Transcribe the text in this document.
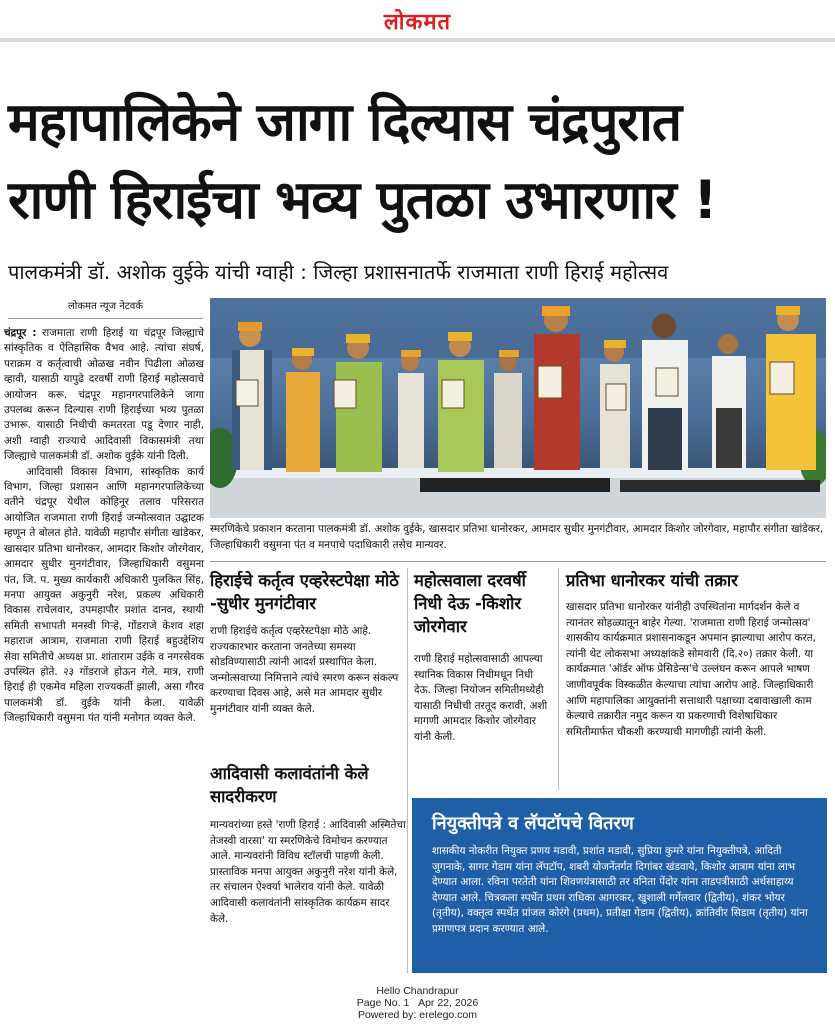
लोकमत
महापालिकेने जागा दिल्यास चंद्रपुरात
राणी हिराईचा भव्य पुतळा उभारणार !
पालकमंत्री डॉ. अशोक वुईके यांची ग्वाही : जिल्हा प्रशासनातर्फे राजमाता राणी हिराई महोत्सव
लोकमत न्यूज नेटवर्क

चंद्रपूर : राजमाता राणी हिराई या चंद्रपूर जिल्ह्याचे सांस्कृतिक व ऐतिहासिक वैभव आहे. त्यांचा संघर्ष, पराक्रम व कर्तृत्वाची ओळख नवीन पिढीला ओळख व्हावी, यासाठी यापुढे दरवर्षी राणी हिराई महोत्सवाचे आयोजन करू. चंद्रपूर महानगरपालिकेने जागा उपलब्ध करून दिल्यास राणी हिराईच्या भव्य पुतळा उभारू. यासाठी निधीची कमतरता पडू देणार नाही, अशी ग्वाही राज्याचे आदिवासी विकासमंत्री तथा जिल्ह्याचे पालकमंत्री डॉ. अशोक वुईके यांनी दिली.

आदिवासी विकास विभाग, सांस्कृतिक कार्य विभाग, जिल्हा प्रशासन आणि महानगरपालिकेच्या वतीने चंद्रपूर येथील कोहिनूर तलाव परिसरात आयोजित राजमाता राणी हिराई जन्मोत्सवात उद्घाटक म्हणून ते बोलत होते. यावेळी महापौर संगीता खांडेकर, खासदार प्रतिभा धानोरकर, आमदार किशोर जोरगेवार, आमदार सुधीर मुनगंटीवार, जिल्हाधिकारी वसुमना पंत, जि. प. मुख्य कार्यकारी अधिकारी पुलकित सिंह, मनपा आयुक्त अकुनुरी नरेश, प्रकल्प अधिकारी विकास राचेलवार, उपमहापौर प्रशांत दानव, स्थायी समिती सभापती मनस्वी गिऱ्हे, गोंडराजे केशव शहा महाराज आत्राम, राजमाता राणी हिराई बहुउद्देशिय सेवा समितीचे अध्यक्ष प्रा. शांताराम उईके व नगरसेवक उपस्थित होते. २३ गोंडराजे होऊन गेले. मात्र, राणी हिराई ही एकमेव महिला राज्यकर्ती झाली, असा गौरव पालकमंत्री डॉ. वुईके यांनी केला. यावेळी जिल्हाधिकारी वसुमना पंत यांनी मनोगत व्यक्त केले.

स्मरणिकेचे प्रकाशन करताना पालकमंत्री डॉ. अशोक वुईके, खासदार प्रतिभा धानोरकर, आमदार सुधीर मुनगंटीवार, आमदार किशोर जोरगेवार, महापौर संगीता खांडेकर, जिल्हाधिकारी वसुमना पंत व मनपाचे पदाधिकारी तसेच मान्यवर.
हिराईचे कर्तृत्व एव्हरेस्टपेक्षा मोठे -सुधीर मुनगंटीवार
राणी हिराईचे कर्तृत्व एव्हरेस्टपेक्षा मोठे आहे. राज्यकारभार करताना जनतेच्या समस्या सोडविण्यासाठी त्यांनी आदर्श प्रस्थापित केला. जन्मोत्सवाच्या निमित्ताने त्यांचे स्मरण करून संकल्प करण्याचा दिवस आहे, असे मत आमदार सुधीर मुनगंटीवार यांनी व्यक्त केले.
आदिवासी कलावंतांनी केले सादरीकरण
मान्यवरांच्या हस्ते 'राणी हिराई : आदिवासी अस्मितेचा तेजस्वी वारसा' या स्मरणिकेचे विमोचन करण्यात आले. मान्यवरांनी विविध स्टॉलची पाहणी केली. प्रास्ताविक मनपा आयुक्त अकुनुरी नरेश यांनी केले, तर संचालन ऐश्वर्या भालेराव यांनी केले. यावेळी आदिवासी कलावंतांनी सांस्कृतिक कार्यक्रम सादर केले.
महोत्सवाला दरवर्षी निधी देऊ -किशोर जोरगेवार
राणी हिराई महोत्सवासाठी आपल्या स्थानिक विकास निधीमधून निधी देऊ. जिल्हा नियोजन समितीमध्येही यासाठी निधीची तरतूद करावी, अशी मागणी आमदार किशोर जोरगेवार यांनी केली.
प्रतिभा धानोरकर यांची तक्रार
खासदार प्रतिभा धानोरकर यांनीही उपस्थितांना मार्गदर्शन केले व त्यानंतर सोहळ्यातून बाहेर गेल्या. 'राजमाता राणी हिराई जन्मोत्सव' शासकीय कार्यक्रमात प्रशासनाकडून अपमान झाल्याचा आरोप करत, त्यांनी थेट लोकसभा अध्यक्षांकडे सोमवारी (दि.२०) तक्रार केली. या कार्यक्रमात 'ऑर्डर ऑफ प्रेसिडेन्स'चे उल्लंघन करून आपले भाषण जाणीवपूर्वक विस्कळीत केल्याचा त्यांचा आरोप आहे. जिल्हाधिकारी आणि महापालिका आयुक्तांनी सत्ताधारी पक्षाच्या दबावाखाली काम केल्याचे तक्रारीत नमुद करून या प्रकरणाची विशेषाधिकार समितीमार्फत चौकशी करण्याची मागणीही त्यांनी केली.
नियुक्तीपत्रे व लॅपटॉपचे वितरण
शासकीय नोकरीत नियुक्त प्रणय मडावी, प्रशांत मडावी, सुप्रिया कुमरे यांना नियुक्तीपत्रे, आदिती जुगनाके, सागर गेडाम यांना लॅपटॉप, शबरी योजनेंतर्गत दिगांबर खंडवाये, किशोर आत्राम यांना लाभ देण्यात आला. रविना परतेती यांना शिवणयंत्रासाठी तर वनिता पेंदोर यांना ताडपत्रीसाठी अर्थसाहाय्य देण्यात आले. चित्रकला स्पर्धेत प्रथम राधिका आगरकर, खुशाली गर्गेलवार (द्वितीय), शंकर भोयर (तृतीय), वक्तृत्व स्पर्धेत प्रांजल कोरंगे (प्रथम), प्रतीक्षा गेडाम (द्वितीय), क्रांतिवीर सिडाम (तृतीय) यांना प्रमाणपत्र प्रदान करण्यात आले.
Hello Chandrapur
Page No. 1 Apr 22, 2026
Powered by: erelego.com
